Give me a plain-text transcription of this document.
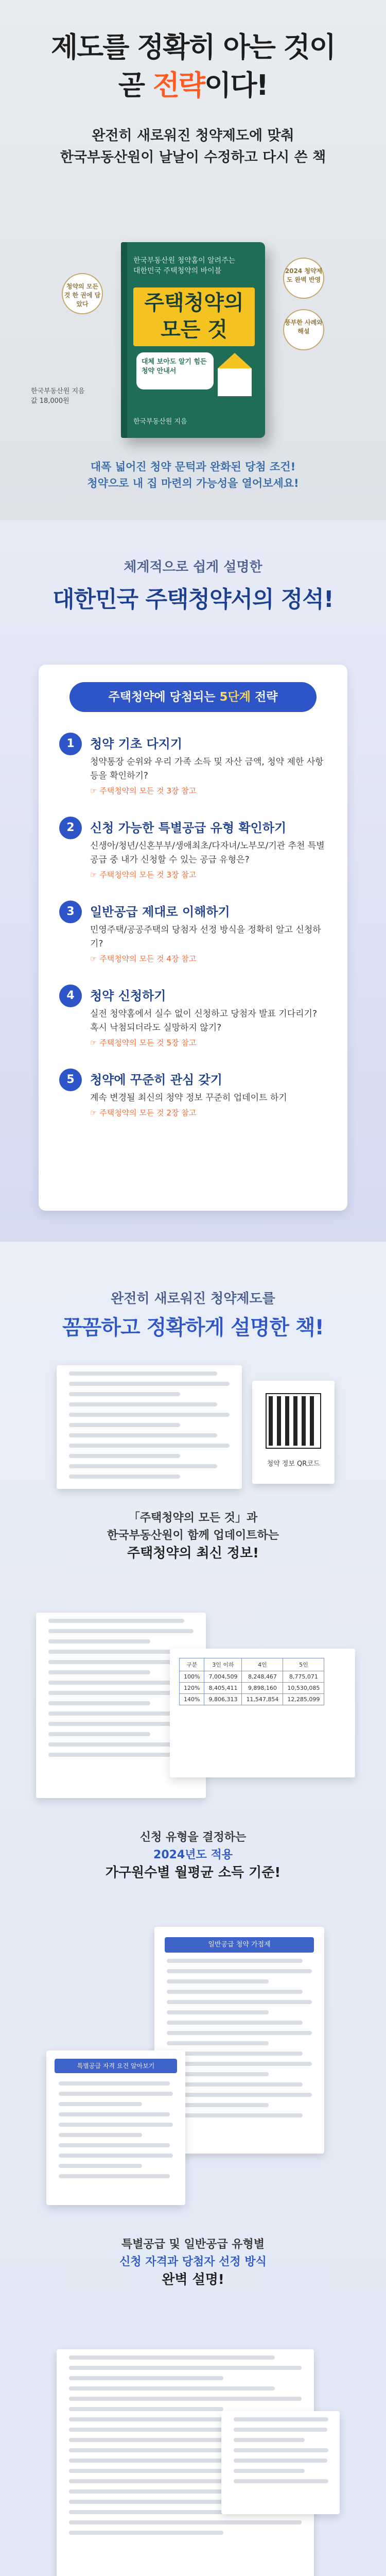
제도를 정확히 아는 것이
곧 전략이다!
완전히 새로워진 청약제도에 맞춰
한국부동산원이 날날이 수정하고 다시 쓴 책
청약의 모든 것 한 권에 담았다
2024 청약제도 완벽 반영
풍부한 사례와 해설
한국부동산원 청약홈이 알려주는
대한민국 주택청약의 바이블
주택청약의
모든 것
대체 보아도 알기 힘든 청약 안내서
한국부동산원 지음
한국부동산원 지음
값 18,000원
대폭 넓어진 청약 문턱과 완화된 당첨 조건!
청약으로 내 집 마련의 가능성을 열어보세요!
체계적으로 쉽게 설명한
대한민국 주택청약서의 정석!
주택청약에 당첨되는 5단계 전략
1	청약 기초 다지기
청약통장 순위와 우리 가족 소득 및 자산 금액, 청약 제한 사항 등을 확인하기?
☞ 주택청약의 모든 것 3장 참고
2	신청 가능한 특별공급 유형 확인하기
신생아/청년/신혼부부/생애최초/다자녀/노부모/기관 추천 특별공급 중 내가 신청할 수 있는 공급 유형은?
☞ 주택청약의 모든 것 3장 참고
3	일반공급 제대로 이해하기
민영주택/공공주택의 당첨자 선정 방식을 정확히 알고 신청하기?
☞ 주택청약의 모든 것 4장 참고
4	청약 신청하기
실전 청약홈에서 실수 없이 신청하고 당첨자 발표 기다리기? 혹시 낙첨되더라도 실망하지 않기?
☞ 주택청약의 모든 것 5장 참고
5	청약에 꾸준히 관심 갖기
계속 변경될 최신의 청약 정보 꾸준히 업데이트 하기
☞ 주택청약의 모든 것 2장 참고
완전히 새로워진 청약제도를
꼼꼼하고 정확하게 설명한 책!
청약 정보 QR코드
「주택청약의 모든 것」과
한국부동산원이 함께 업데이트하는
주택청약의 최신 정보!
구분	3인 이하	4인	5인
100%	7,004,509	8,248,467	8,775,071
120%	8,405,411	9,898,160	10,530,085
140%	9,806,313	11,547,854	12,285,099
신청 유형을 결정하는
2024년도 적용
가구원수별 월평균 소득 기준!
일반공급 청약 가점제
특별공급 자격 요건 알아보기
특별공급 및 일반공급 유형별
신청 자격과 당첨자 선정 방식
완벽 설명!
